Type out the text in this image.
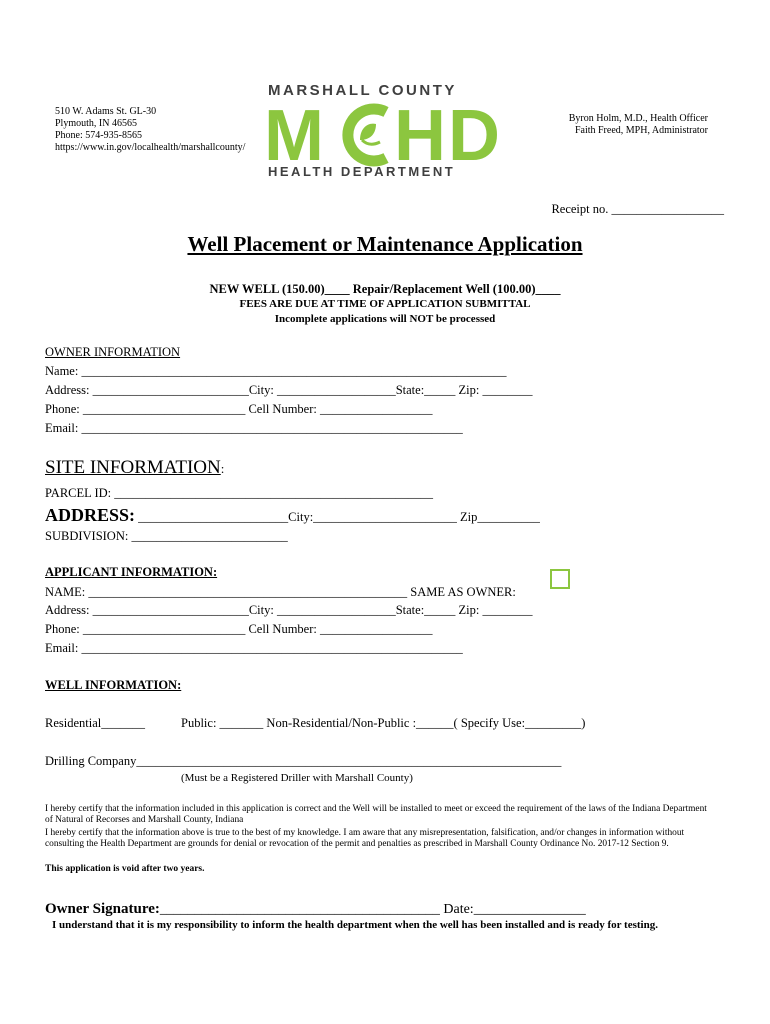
510 W. Adams St. GL-30
Plymouth, IN 46565
Phone: 574-935-8565
https://www.in.gov/localhealth/marshallcounty/
Byron Holm, M.D., Health Officer
Faith Freed, MPH, Administrator
MARSHALL COUNTY
M H D
HEALTH DEPARTMENT
Receipt no. __________________
Well Placement or Maintenance Application
NEW WELL (150.00)____ Repair/Replacement Well (100.00)____
FEES ARE DUE AT TIME OF APPLICATION SUBMITTAL
Incomplete applications will NOT be processed
OWNER INFORMATION
Name: ____________________________________________________________________
Address: _________________________City: ___________________State:_____ Zip: ________
Phone: __________________________ Cell Number: __________________
Email: _____________________________________________________________
SITE INFORMATION:
PARCEL ID: ___________________________________________________
ADDRESS: ________________________City:_______________________ Zip__________
SUBDIVISION: _________________________
APPLICANT INFORMATION:
NAME: ___________________________________________________ SAME AS OWNER:
Address: _________________________City: ___________________State:_____ Zip: ________
Phone: __________________________ Cell Number: __________________
Email: _____________________________________________________________
WELL INFORMATION:
Residential_______	Public: _______ Non-Residential/Non-Public :______( Specify Use:_________)
Drilling Company____________________________________________________________________
(Must be a Registered Driller with Marshall County)
I hereby certify that the information included in this application is correct and the Well will be installed to meet or exceed the requirement of the laws of the Indiana Department of Natural of Recorses and Marshall County, Indiana
I hereby certify that the information above is true to the best of my knowledge. I am aware that any misrepresentation, falsification, and/or changes in information without consulting the Health Department are grounds for denial or revocation of the permit and penalties as prescribed in Marshall County Ordinance No. 2017-12 Section 9.
This application is void after two years.
Owner Signature:________________________________________ Date:________________
I understand that it is my responsibility to inform the health department when the well has been installed and is ready for testing.
